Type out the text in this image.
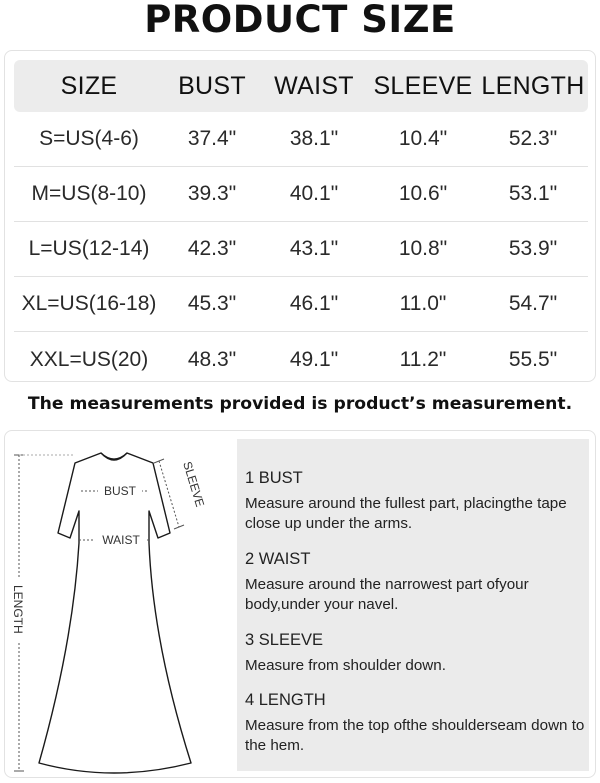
PRODUCT SIZE
SIZE	BUST	WAIST SLEEVE LENGTH
S=US(4-6)	37.4"	38.1"	10.4"	52.3"
M=US(8-10)	39.3"	40.1"	10.6"	53.1"
L=US(12-14)	42.3"	43.1"	10.8"	53.9"
XL=US(16-18)	45.3"	46.1"	11.0"	54.7"
XXL=US(20)	48.3"	49.1"	11.2"	55.5"
The measurements provided is product’s measurement.
BUST
WAIST
SLEEVE
LENGTH
1 BUST
Measure around the fullest part, placingthe tape close up under the arms.
2 WAIST
Measure around the narrowest part ofyour body,under your navel.
3 SLEEVE
Measure from shoulder down.
4 LENGTH
Measure from the top ofthe shoulderseam down to the hem.
